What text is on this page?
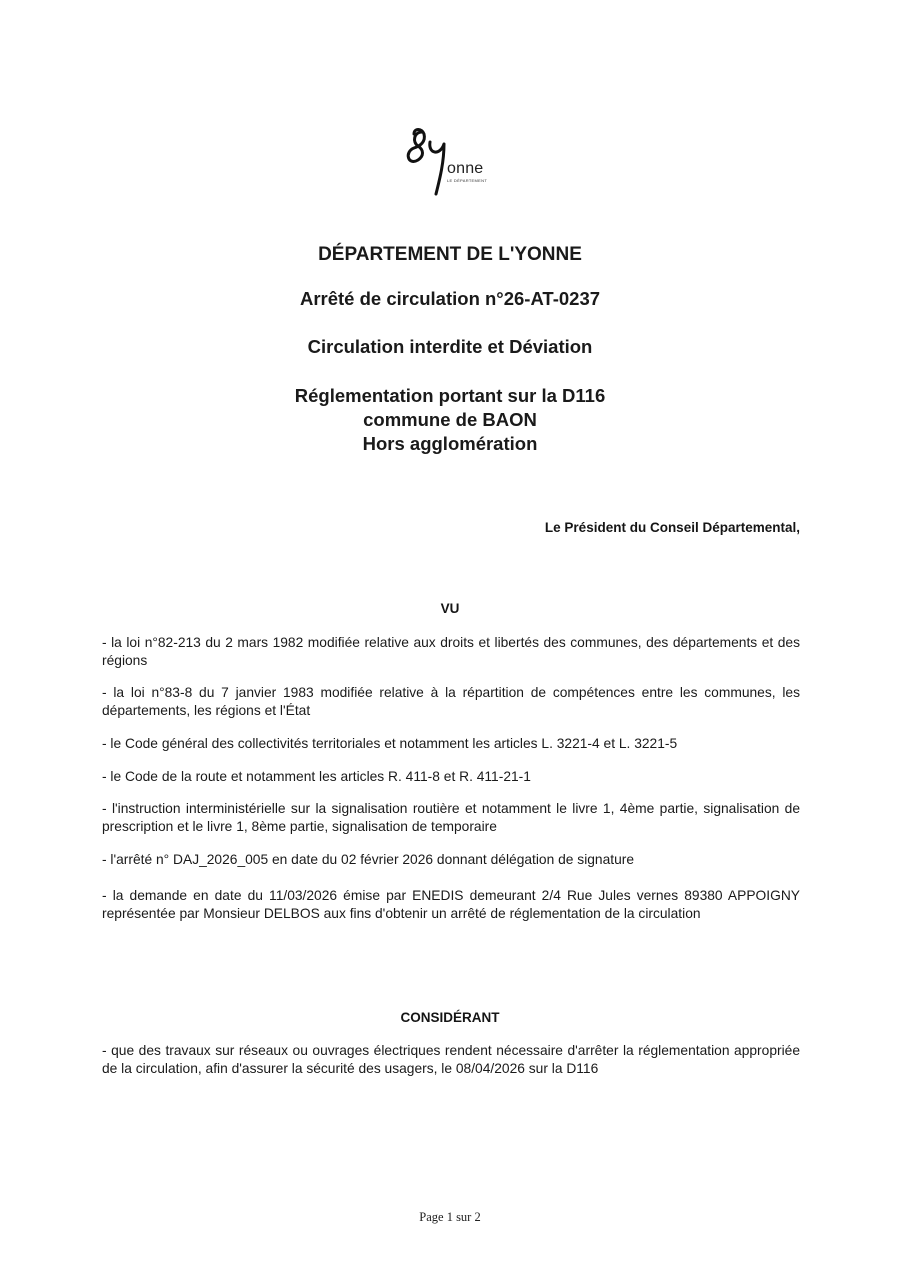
onne
LE DÉPARTEMENT
DÉPARTEMENT DE L'YONNE
Arrêté de circulation n°26-AT-0237
Circulation interdite et Déviation
Réglementation portant sur la D116
commune de BAON
Hors agglomération
Le Président du Conseil Départemental,
VU
- la loi n°82-213 du 2 mars 1982 modifiée relative aux droits et libertés des communes, des départements et des régions
- la loi n°83-8 du 7 janvier 1983 modifiée relative à la répartition de compétences entre les communes, les départements, les régions et l'État
- le Code général des collectivités territoriales et notamment les articles L. 3221-4 et L. 3221-5
- le Code de la route et notamment les articles R. 411-8 et R. 411-21-1
- l'instruction interministérielle sur la signalisation routière et notamment le livre 1, 4ème partie, signalisation de prescription et le livre 1, 8ème partie, signalisation de temporaire
- l'arrêté n° DAJ_2026_005 en date du 02 février 2026 donnant délégation de signature
- la demande en date du 11/03/2026 émise par ENEDIS demeurant 2/4 Rue Jules vernes 89380 APPOIGNY représentée par Monsieur DELBOS aux fins d'obtenir un arrêté de réglementation de la circulation
CONSIDÉRANT
- que des travaux sur réseaux ou ouvrages électriques rendent nécessaire d'arrêter la réglementation appropriée de la circulation, afin d'assurer la sécurité des usagers, le 08/04/2026 sur la D116
Page 1 sur 2
